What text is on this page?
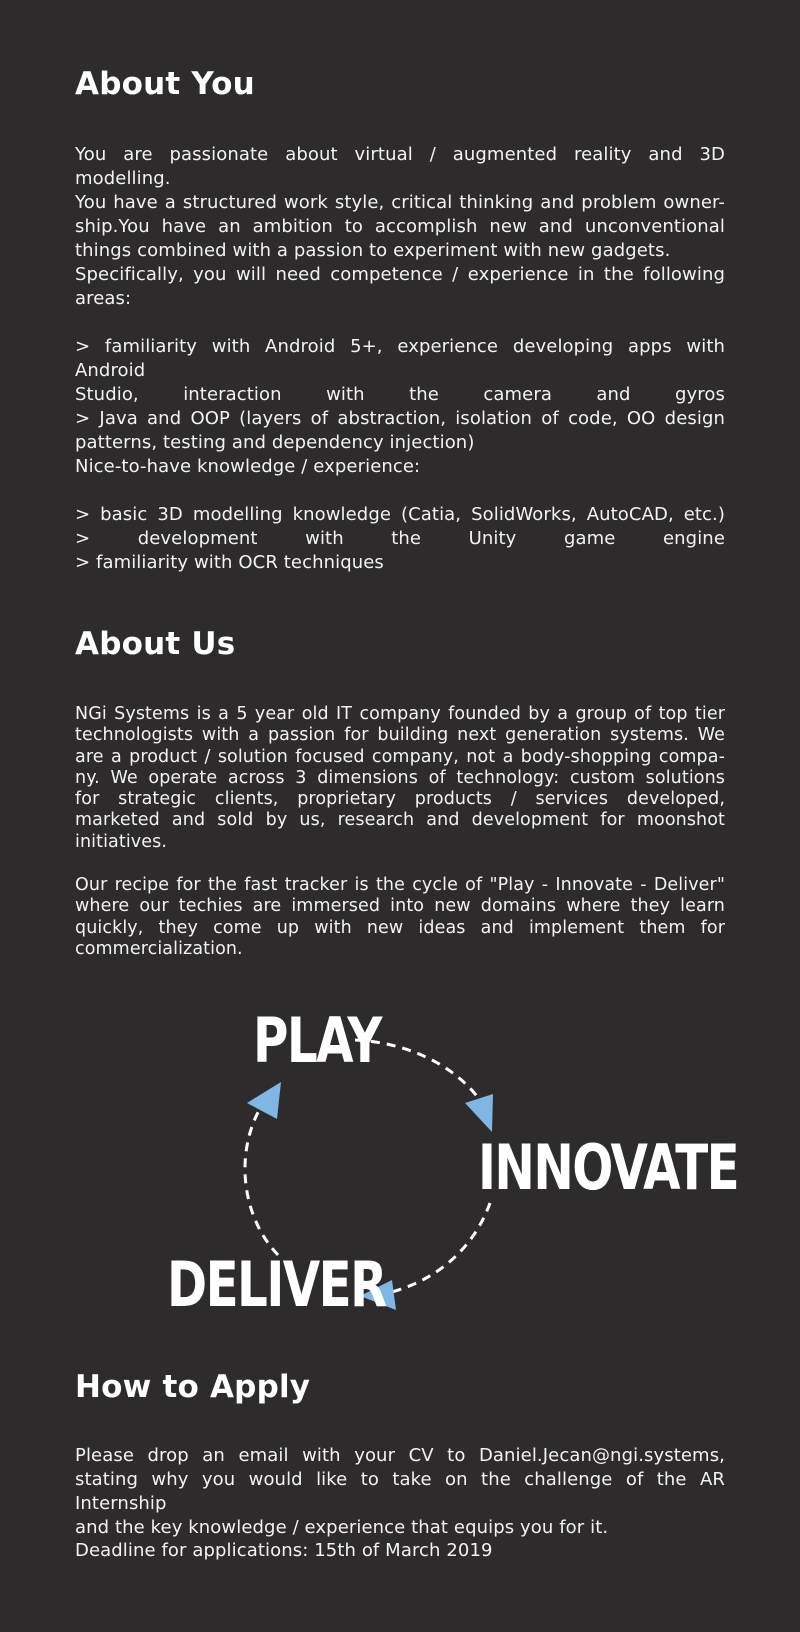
About You
You are passionate about virtual / augmented reality and 3D modelling.
You have a structured work style, critical thinking and problem owner-
ship.You have an ambition to accomplish new and unconventional
things combined with a passion to experiment with new gadgets.
Specifically, you will need competence / experience in the following
areas:
> familiarity with Android 5+, experience developing apps with Android
Studio, interaction with the camera and gyros
> Java and OOP (layers of abstraction, isolation of code, OO design
patterns, testing and dependency injection)
Nice-to-have knowledge / experience:
> basic 3D modelling knowledge (Catia, SolidWorks, AutoCAD, etc.)
> development with the Unity game engine
> familiarity with OCR techniques
About Us
NGi Systems is a 5 year old IT company founded by a group of top tier
technologists with a passion for building next generation systems. We
are a product / solution focused company, not a body-shopping compa-
ny. We operate across 3 dimensions of technology: custom solutions
for strategic clients, proprietary products / services developed,
marketed and sold by us, research and development for moonshot
initiatives.
Our recipe for the fast tracker is the cycle of "Play - Innovate - Deliver"
where our techies are immersed into new domains where they learn
quickly, they come up with new ideas and implement them for
commercialization.
PLAY
INNOVATE
DELIVER
How to Apply
Please drop an email with your CV to Daniel.Jecan@ngi.systems,
stating why you would like to take on the challenge of the AR Internship
and the key knowledge / experience that equips you for it.
Deadline for applications: 15th of March 2019
